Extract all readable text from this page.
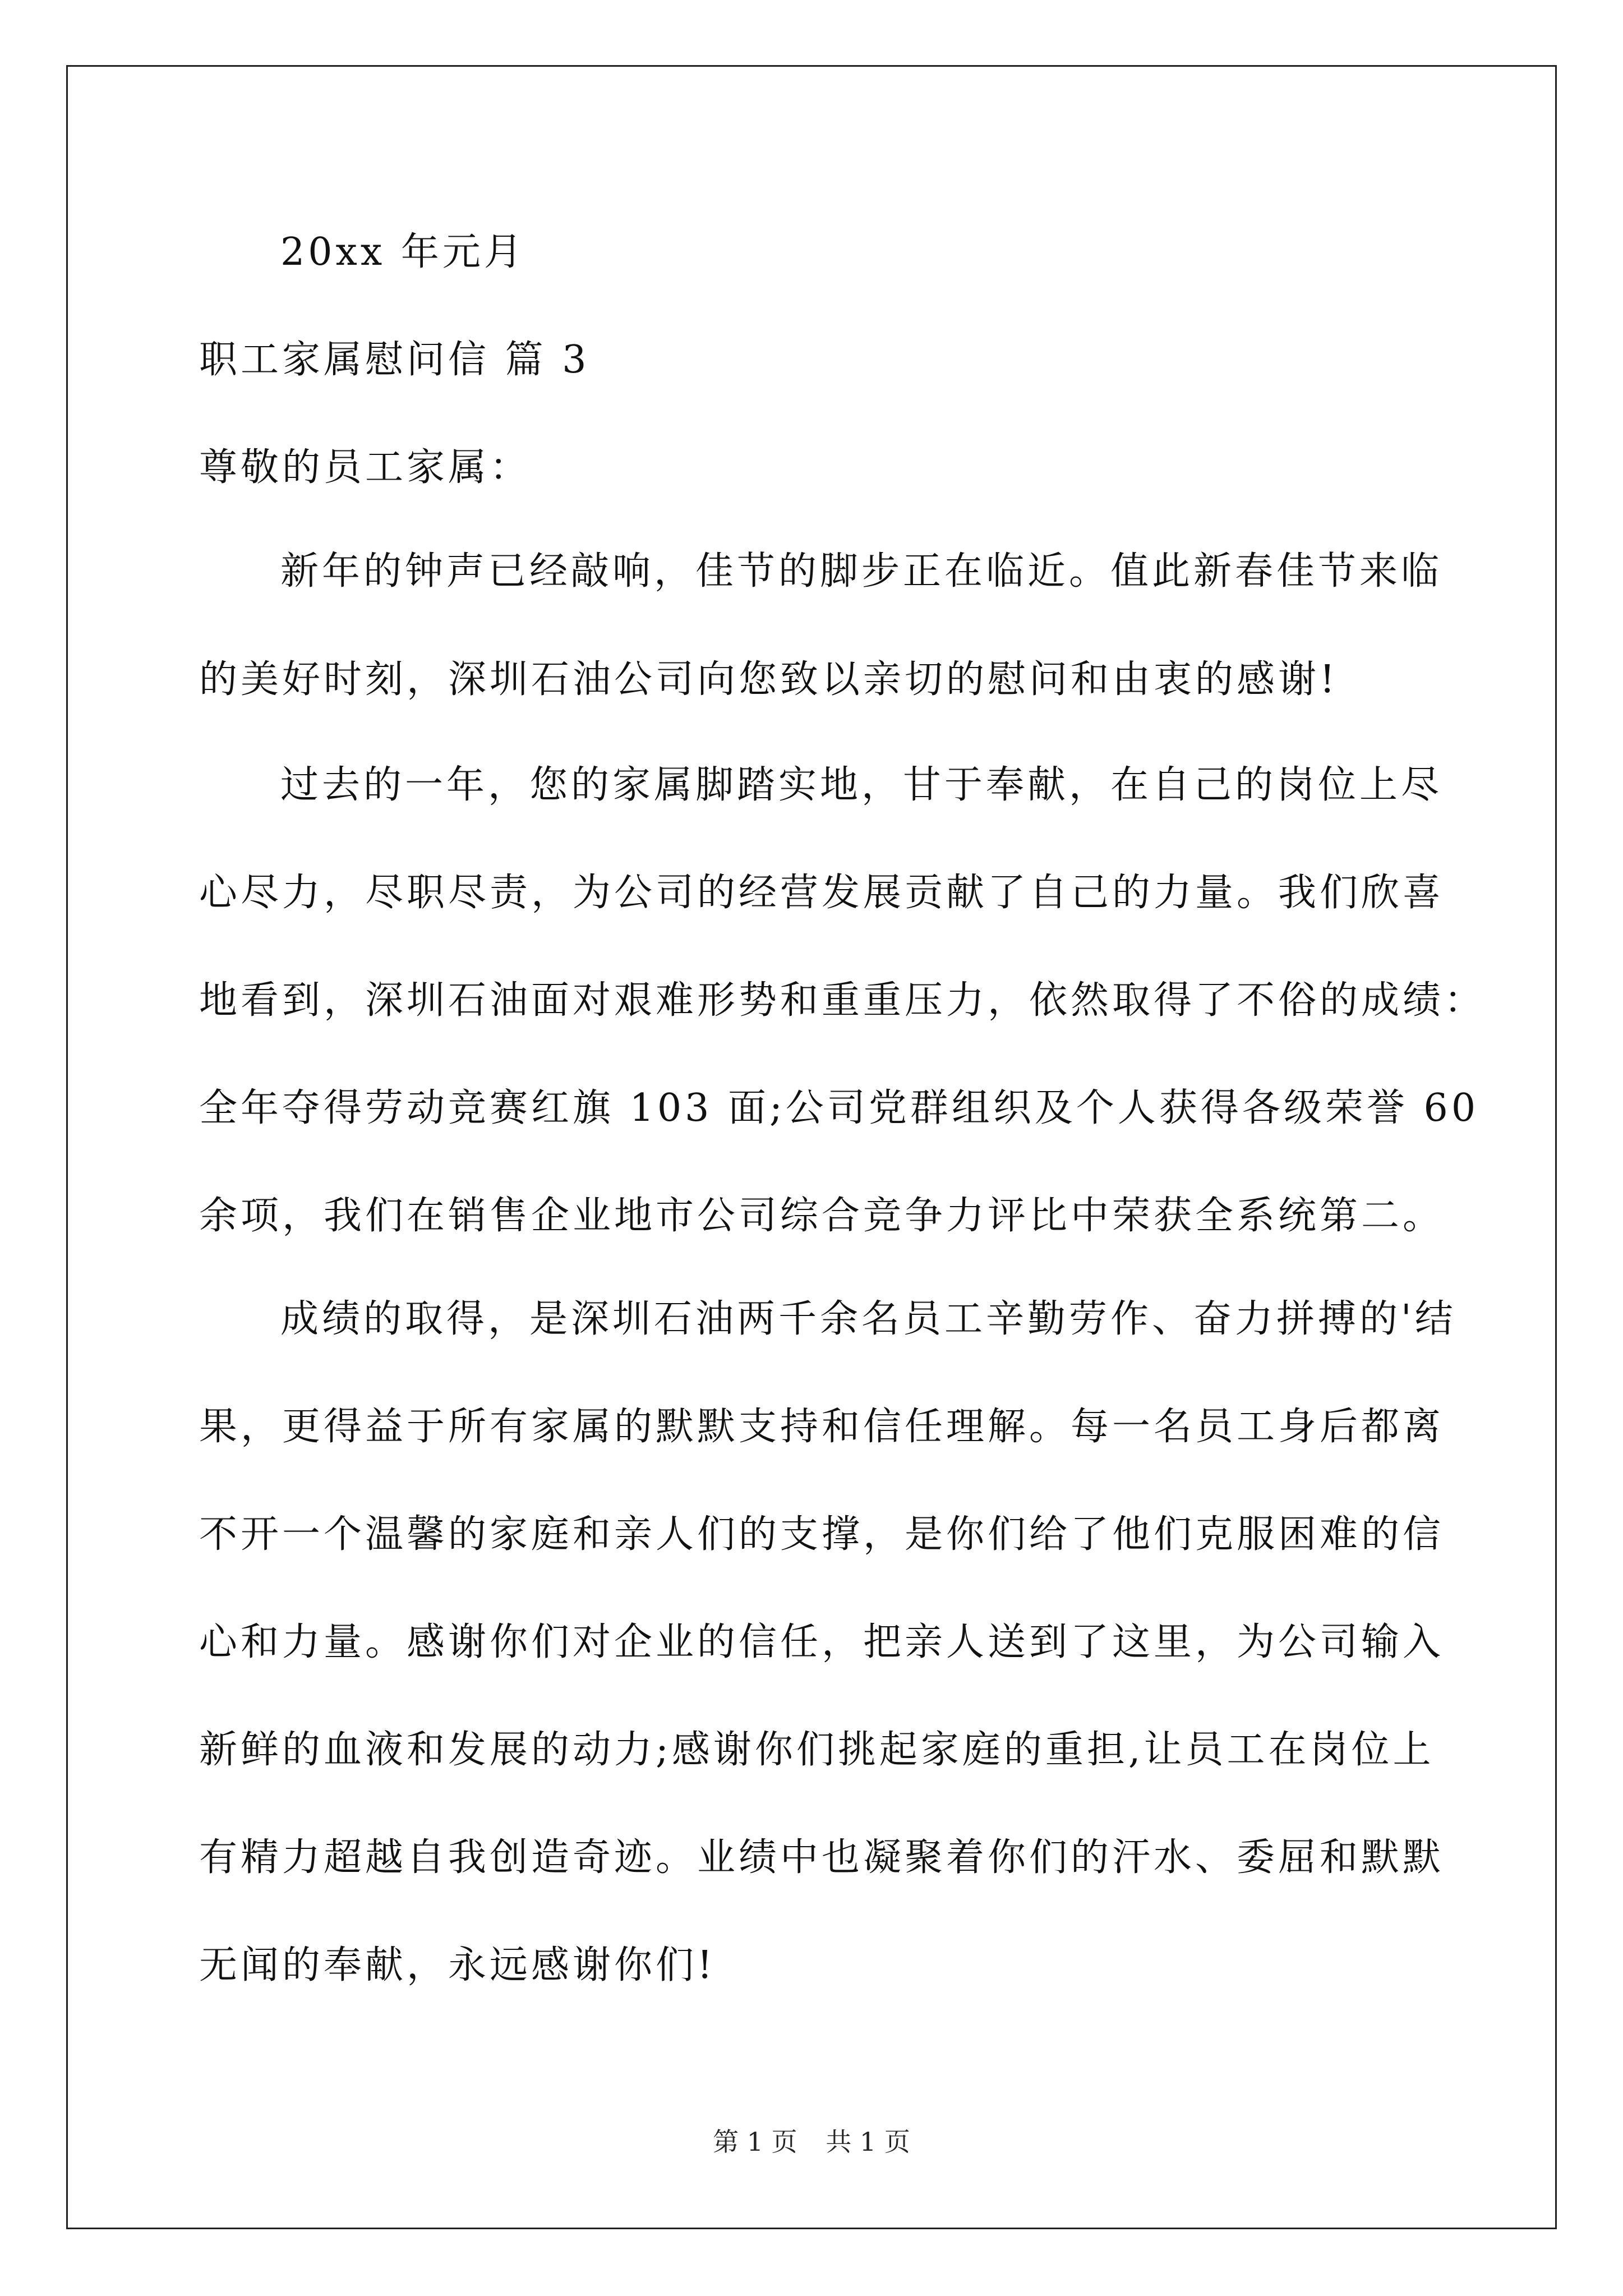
20xx 年元月
职工家属慰问信 篇 3
尊敬的员工家属：
新年的钟声已经敲响，佳节的脚步正在临近。值此新春佳节来临
的美好时刻，深圳石油公司向您致以亲切的慰问和由衷的感谢!
过去的一年，您的家属脚踏实地，甘于奉献，在自己的岗位上尽
心尽力，尽职尽责，为公司的经营发展贡献了自己的力量。我们欣喜
地看到，深圳石油面对艰难形势和重重压力，依然取得了不俗的成绩：
全年夺得劳动竞赛红旗 103 面;公司党群组织及个人获得各级荣誉 60
余项，我们在销售企业地市公司综合竞争力评比中荣获全系统第二。
成绩的取得，是深圳石油两千余名员工辛勤劳作、奋力拼搏的'结
果，更得益于所有家属的默默支持和信任理解。每一名员工身后都离
不开一个温馨的家庭和亲人们的支撑，是你们给了他们克服困难的信
心和力量。感谢你们对企业的信任，把亲人送到了这里，为公司输入
新鲜的血液和发展的动力;感谢你们挑起家庭的重担,让员工在岗位上
有精力超越自我创造奇迹。业绩中也凝聚着你们的汗水、委屈和默默
无闻的奉献，永远感谢你们!
第 1 页 共 1 页
